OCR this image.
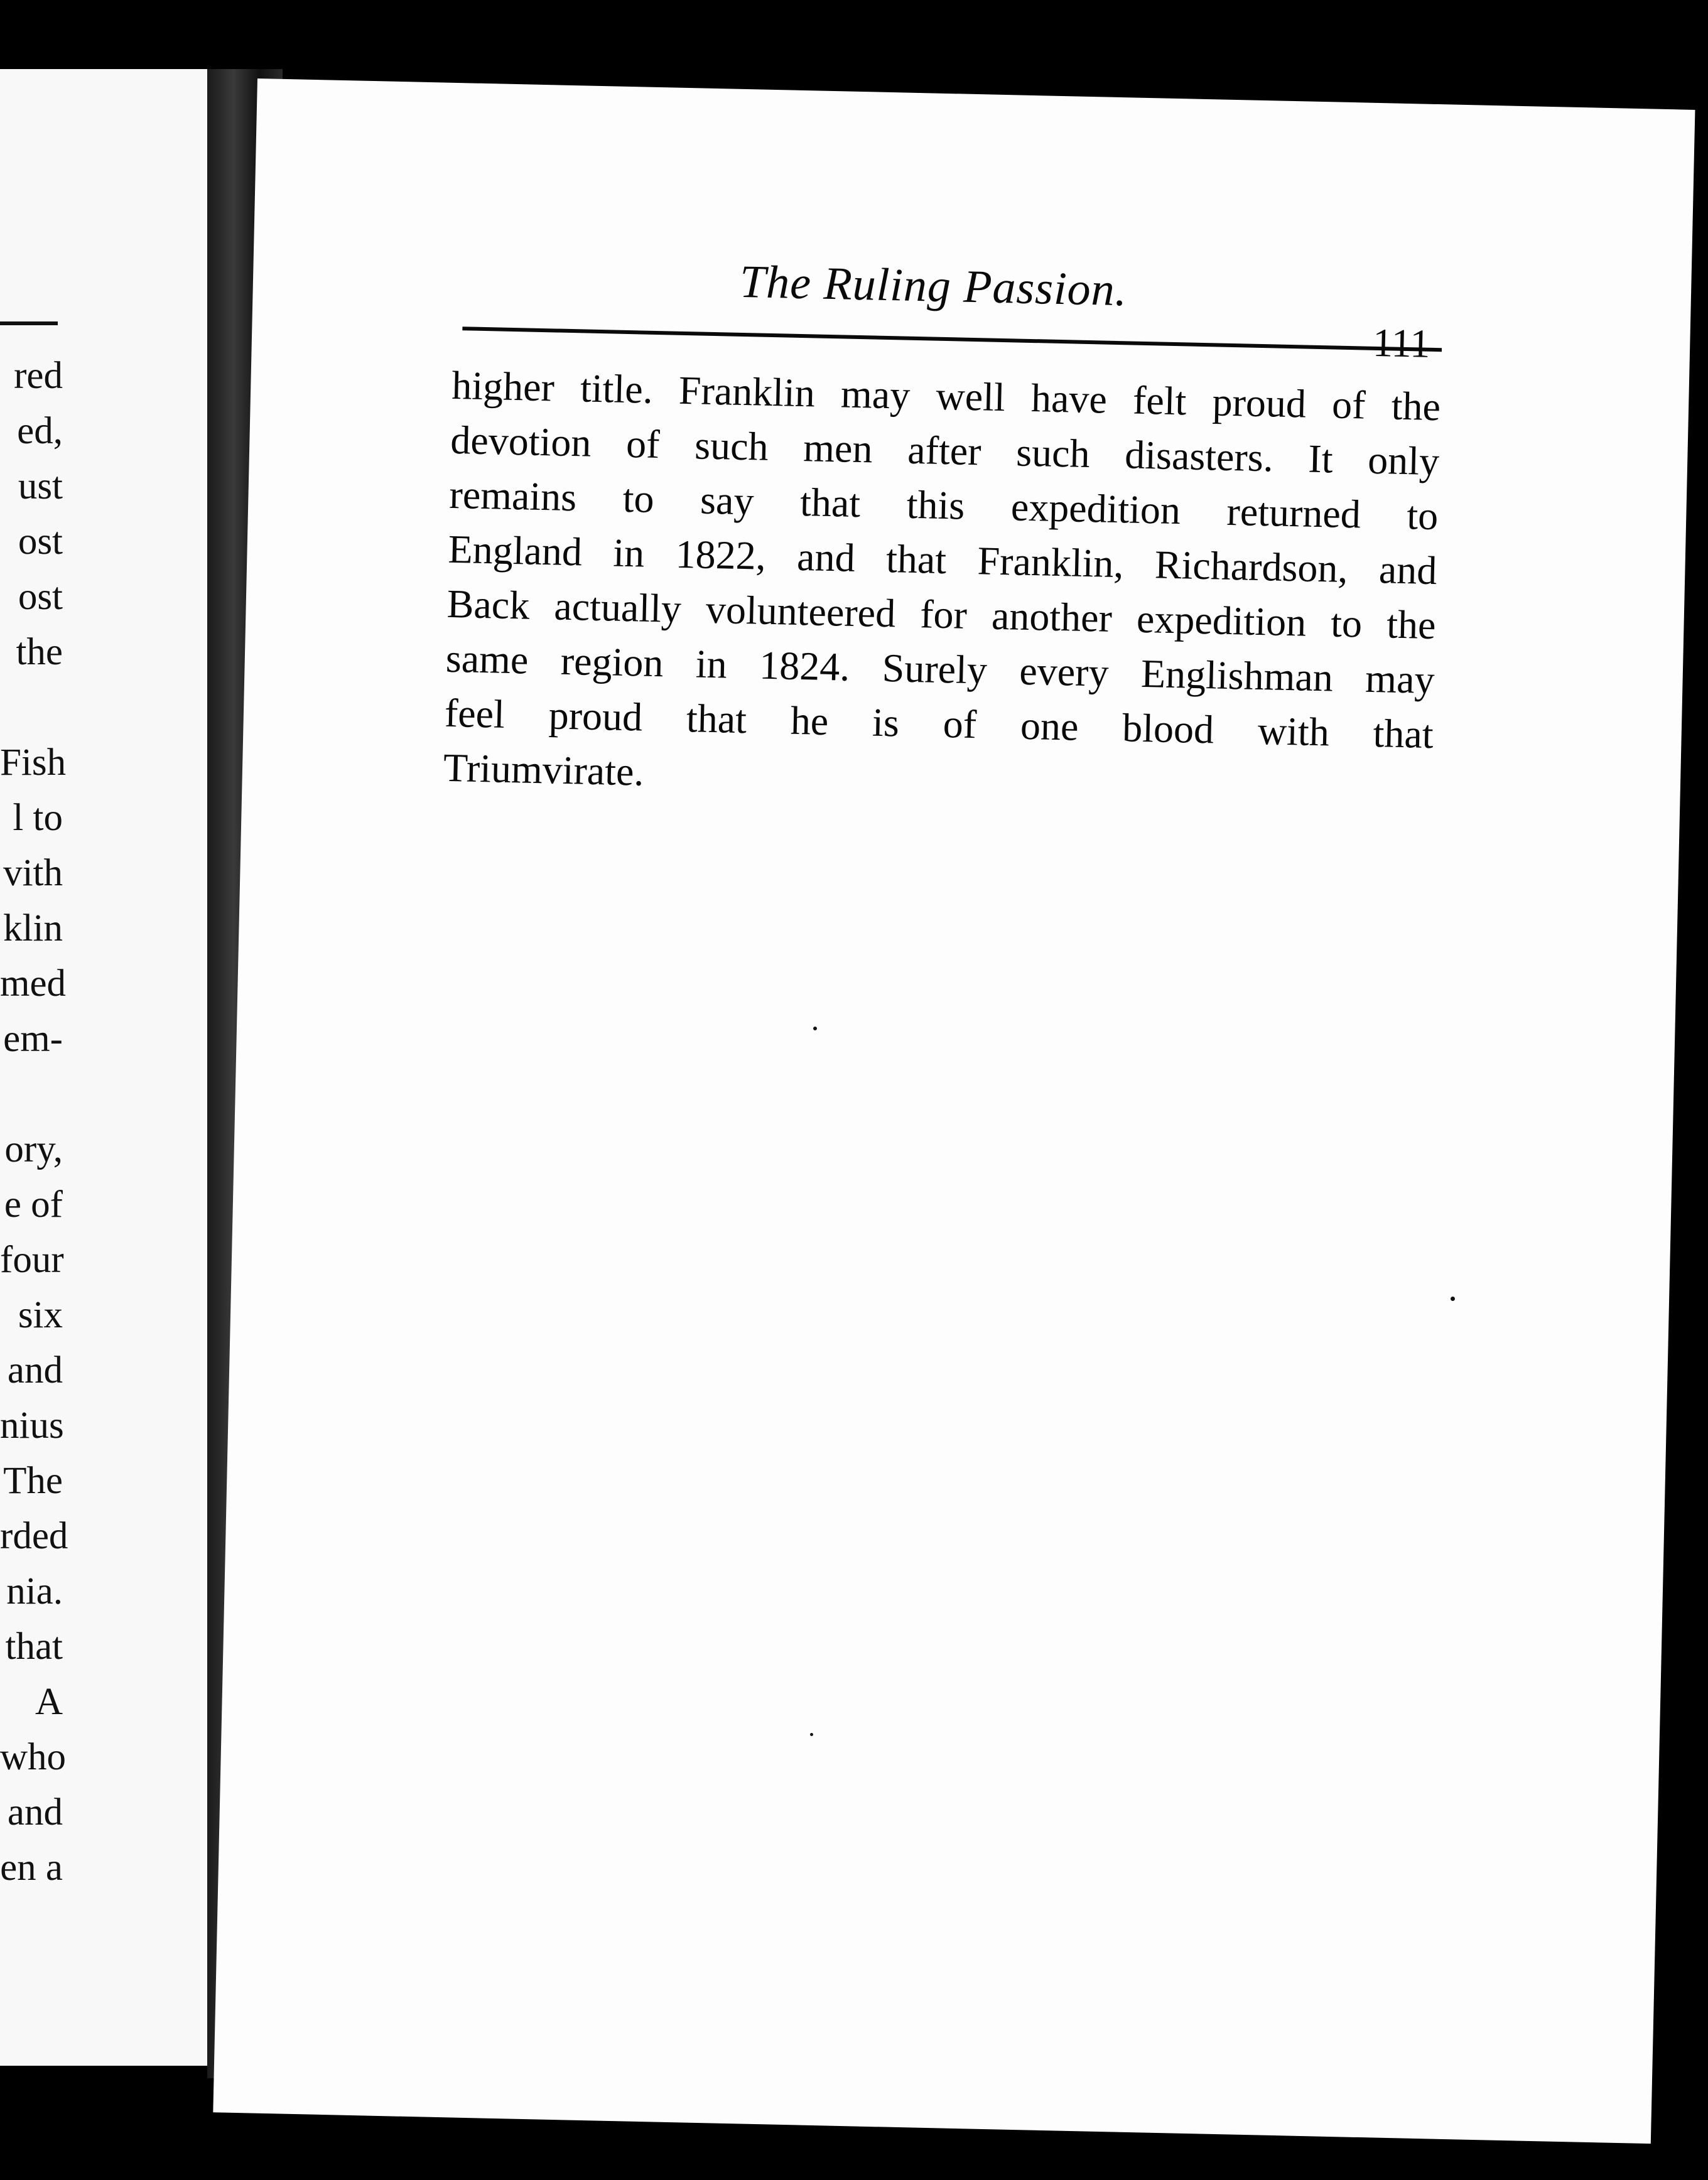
red
ed,
ust
ost
ost
the
Fish
l to
vith
klin
med
em-
ory,
e of
four
six
and
nius
The
rded
nia.
that
A
who
and
en a
The Ruling Passion.
111
higher title. Franklin may well have felt proud of the
devotion of such men after such disasters. It only
remains to say that this expedition returned to
England in 1822, and that Franklin, Richardson, and
Back actually volunteered for another expedition to the
same region in 1824. Surely every Englishman may
feel proud that he is of one blood with that
Triumvirate.
